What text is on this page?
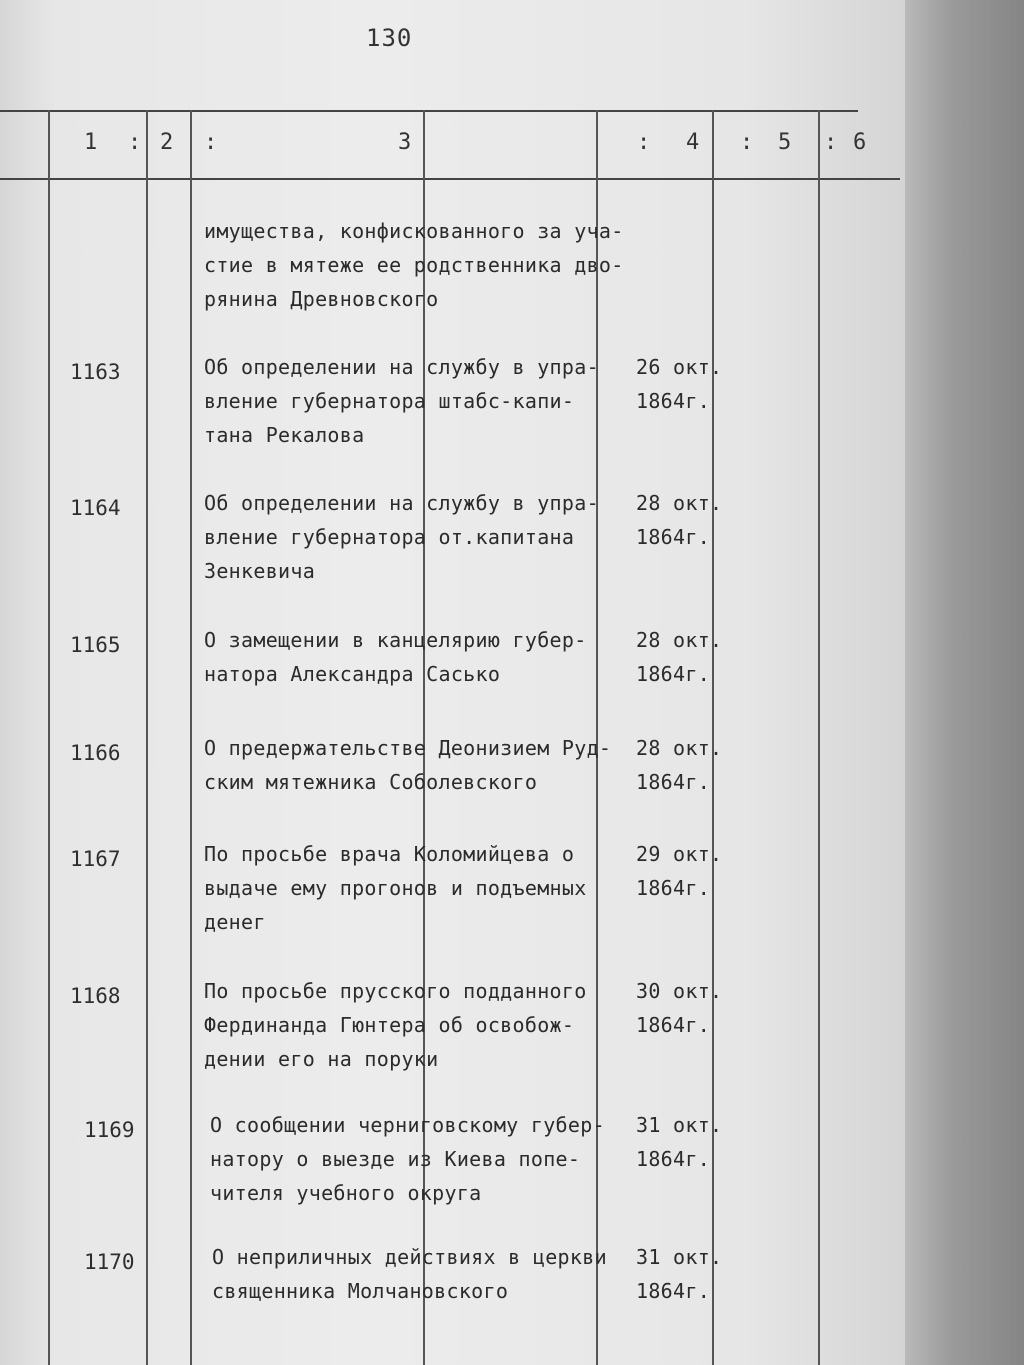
130
1 : 2 :	3	: 4 : 5 : 6
имущества, конфискованного за уча-
стие в мятеже ее родственника дво-
рянина Древновского
1163	Об определении на службу в упра-
вление губернатора штабс-капи-
тана Рекалова
26 окт.
1864г.
1164	Об определении на службу в упра-
вление губернатора от.капитана
Зенкевича
28 окт.
1864г.
1165	О замещении в канцелярию губер-
натора Александра Сасько
28 окт.
1864г.
1166	О предержательстве Деонизием Руд-
ским мятежника Соболевского
28 окт.
1864г.
1167	По просьбе врача Коломийцева о
выдаче ему прогонов и подъемных
денег
29 окт.
1864г.
1168	По просьбе прусского подданного
Фердинанда Гюнтера об освобож-
дении его на поруки
30 окт.
1864г.
1169	О сообщении черниговскому губер-
натору о выезде из Киева попе-
чителя учебного округа
31 окт.
1864г.
1170	О неприличных действиях в церкви
священника Молчановского
31 окт.
1864г.
